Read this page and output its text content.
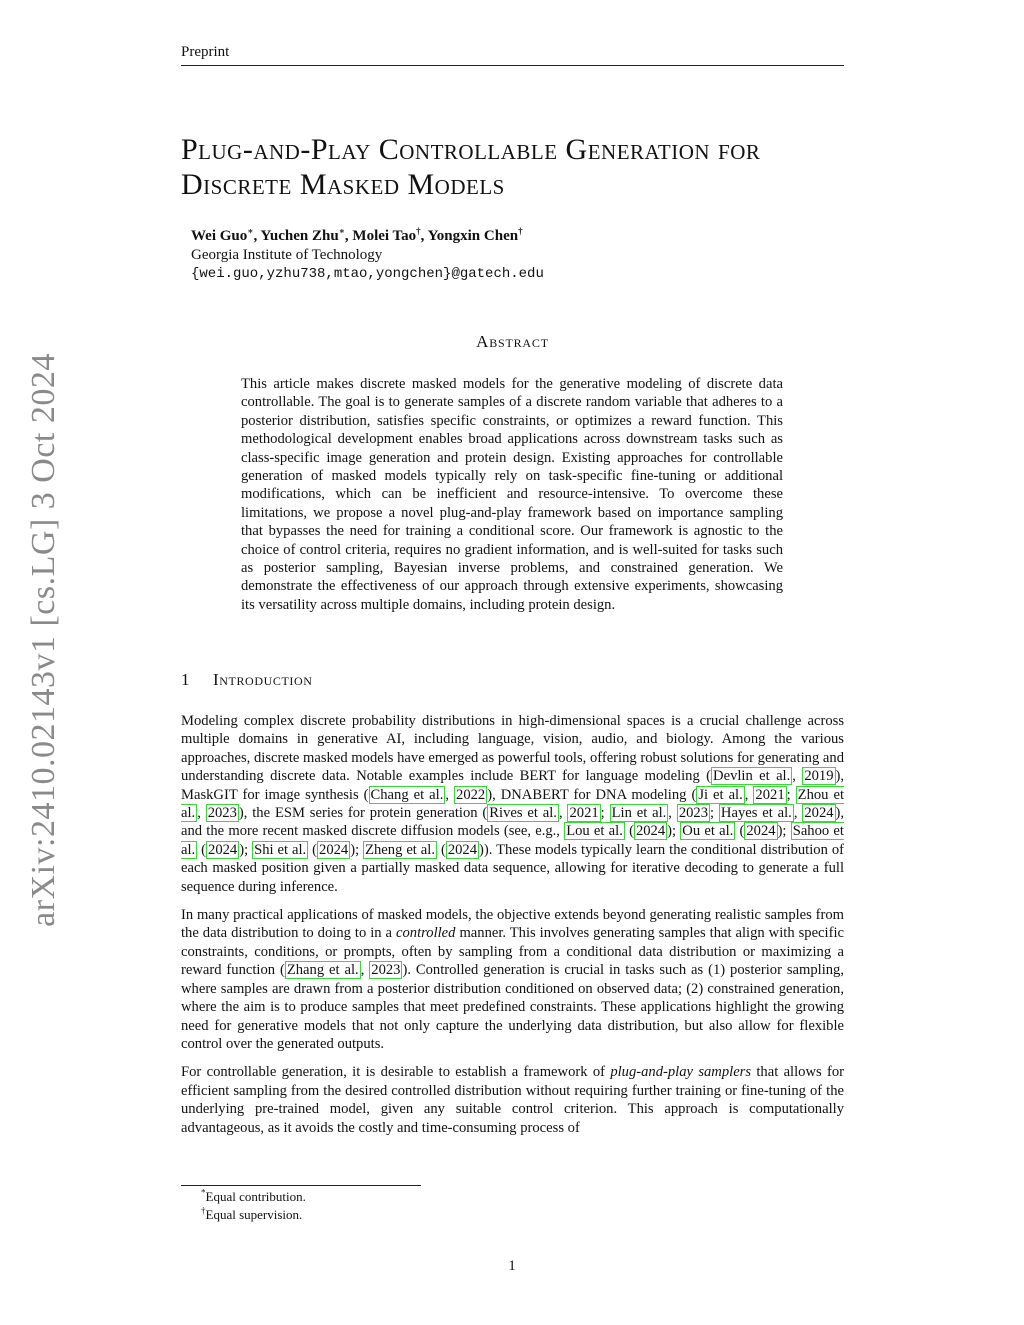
Preprint
arXiv:2410.02143v1 [cs.LG] 3 Oct 2024
Plug-and-Play Controllable Generation for
Discrete Masked Models
Wei Guo∗, Yuchen Zhu∗, Molei Tao†, Yongxin Chen†
Georgia Institute of Technology
{wei.guo,yzhu738,mtao,yongchen}@gatech.edu
Abstract
This article makes discrete masked models for the generative modeling of discrete data controllable. The goal is to generate samples of a discrete random variable that adheres to a posterior distribution, satisfies specific constraints, or optimizes a reward function. This methodological development enables broad applications across downstream tasks such as class-specific image generation and protein design. Existing approaches for controllable generation of masked models typically rely on task-specific fine-tuning or additional modifications, which can be inefficient and resource-intensive. To overcome these limitations, we propose a novel plug-and-play framework based on importance sampling that bypasses the need for training a conditional score. Our framework is agnostic to the choice of control criteria, requires no gradient information, and is well-suited for tasks such as posterior sampling, Bayesian inverse problems, and constrained generation. We demonstrate the effectiveness of our approach through extensive experiments, showcasing its versatility across multiple domains, including protein design.
1 Introduction

Modeling complex discrete probability distributions in high-dimensional spaces is a crucial challenge across multiple domains in generative AI, including language, vision, audio, and biology. Among the various approaches, discrete masked models have emerged as powerful tools, offering robust solutions for generating and understanding discrete data. Notable examples include BERT for language modeling ( Devlin et al. , 2019 ), MaskGIT for image synthesis ( Chang et al. , 2022 ), DNABERT for DNA modeling ( Ji et al. , 2021 ; Zhou et al. , 2023 ), the ESM series for protein generation ( Rives et al. , 2021 ; Lin et al. , 2023 ; Hayes et al. , 2024 ), and the more recent masked discrete diffusion models (see, e.g., Lou et al. ( 2024 ); Ou et al. ( 2024 ); Sahoo et al. ( 2024 ); Shi et al. ( 2024 ); Zheng et al. ( 2024 )). These models typically learn the conditional distribution of each masked position given a partially masked data sequence, allowing for iterative decoding to generate a full sequence during inference.

In many practical applications of masked models, the objective extends beyond generating realistic samples from the data distribution to doing to in a controlled manner. This involves generating samples that align with specific constraints, conditions, or prompts, often by sampling from a conditional data distribution or maximizing a reward function ( Zhang et al. , 2023 ). Controlled generation is crucial in tasks such as (1) posterior sampling, where samples are drawn from a posterior distribution conditioned on observed data; (2) constrained generation, where the aim is to produce samples that meet predefined constraints. These applications highlight the growing need for generative models that not only capture the underlying data distribution, but also allow for flexible control over the generated outputs.

For controllable generation, it is desirable to establish a framework of plug-and-play samplers that allows for efficient sampling from the desired controlled distribution without requiring further training or fine-tuning of the underlying pre-trained model, given any suitable control criterion. This approach is computationally advantageous, as it avoids the costly and time-consuming process of

*Equal contribution.
†Equal supervision.
1
